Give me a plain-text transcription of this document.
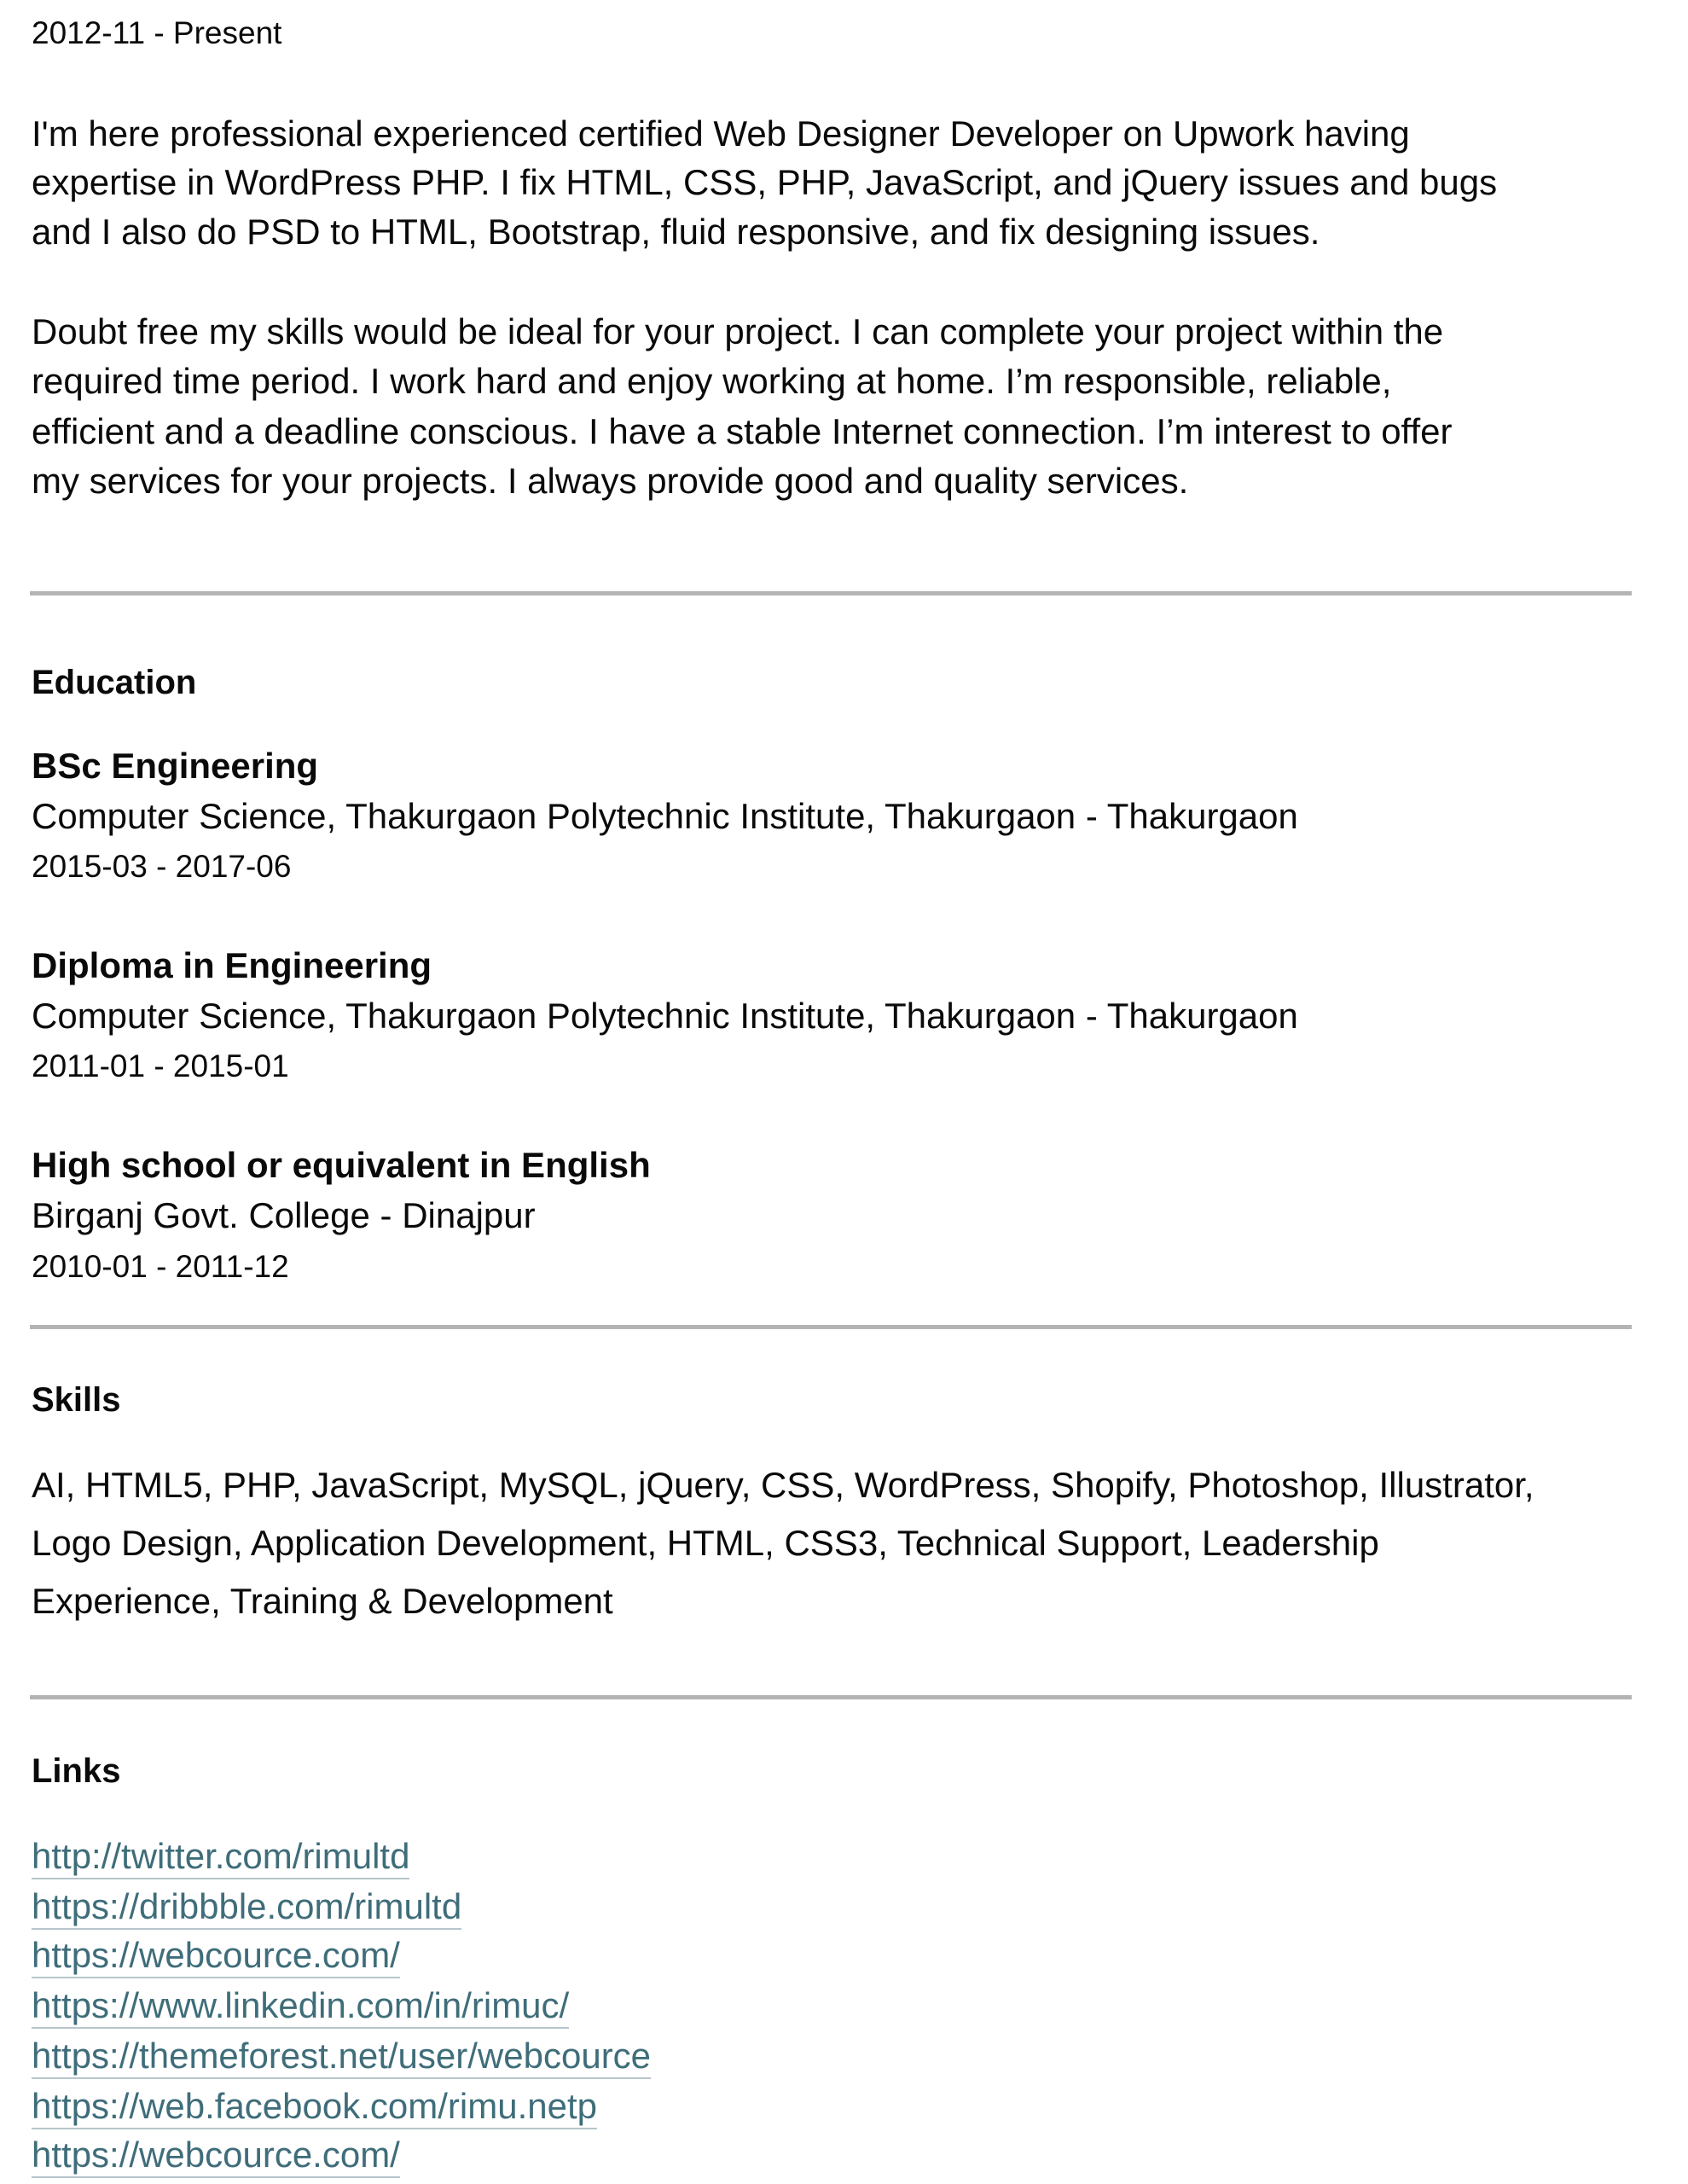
2012-11 - Present
I'm here professional experienced certified Web Designer Developer on Upwork having
expertise in WordPress PHP. I fix HTML, CSS, PHP, JavaScript, and jQuery issues and bugs
and I also do PSD to HTML, Bootstrap, fluid responsive, and fix designing issues.
Doubt free my skills would be ideal for your project. I can complete your project within the
required time period. I work hard and enjoy working at home. I’m responsible, reliable,
efficient and a deadline conscious. I have a stable Internet connection. I’m interest to offer
my services for your projects. I always provide good and quality services.
Education
BSc Engineering
Computer Science, Thakurgaon Polytechnic Institute, Thakurgaon - Thakurgaon
2015-03 - 2017-06
Diploma in Engineering
Computer Science, Thakurgaon Polytechnic Institute, Thakurgaon - Thakurgaon
2011-01 - 2015-01
High school or equivalent in English
Birganj Govt. College - Dinajpur
2010-01 - 2011-12
Skills
AI, HTML5, PHP, JavaScript, MySQL, jQuery, CSS, WordPress, Shopify, Photoshop, Illustrator,
Logo Design, Application Development, HTML, CSS3, Technical Support, Leadership
Experience, Training & Development
Links
http://twitter.com/rimultd
https://dribbble.com/rimultd
https://webcource.com/
https://www.linkedin.com/in/rimuc/
https://themeforest.net/user/webcource
https://web.facebook.com/rimu.netp
https://webcource.com/
